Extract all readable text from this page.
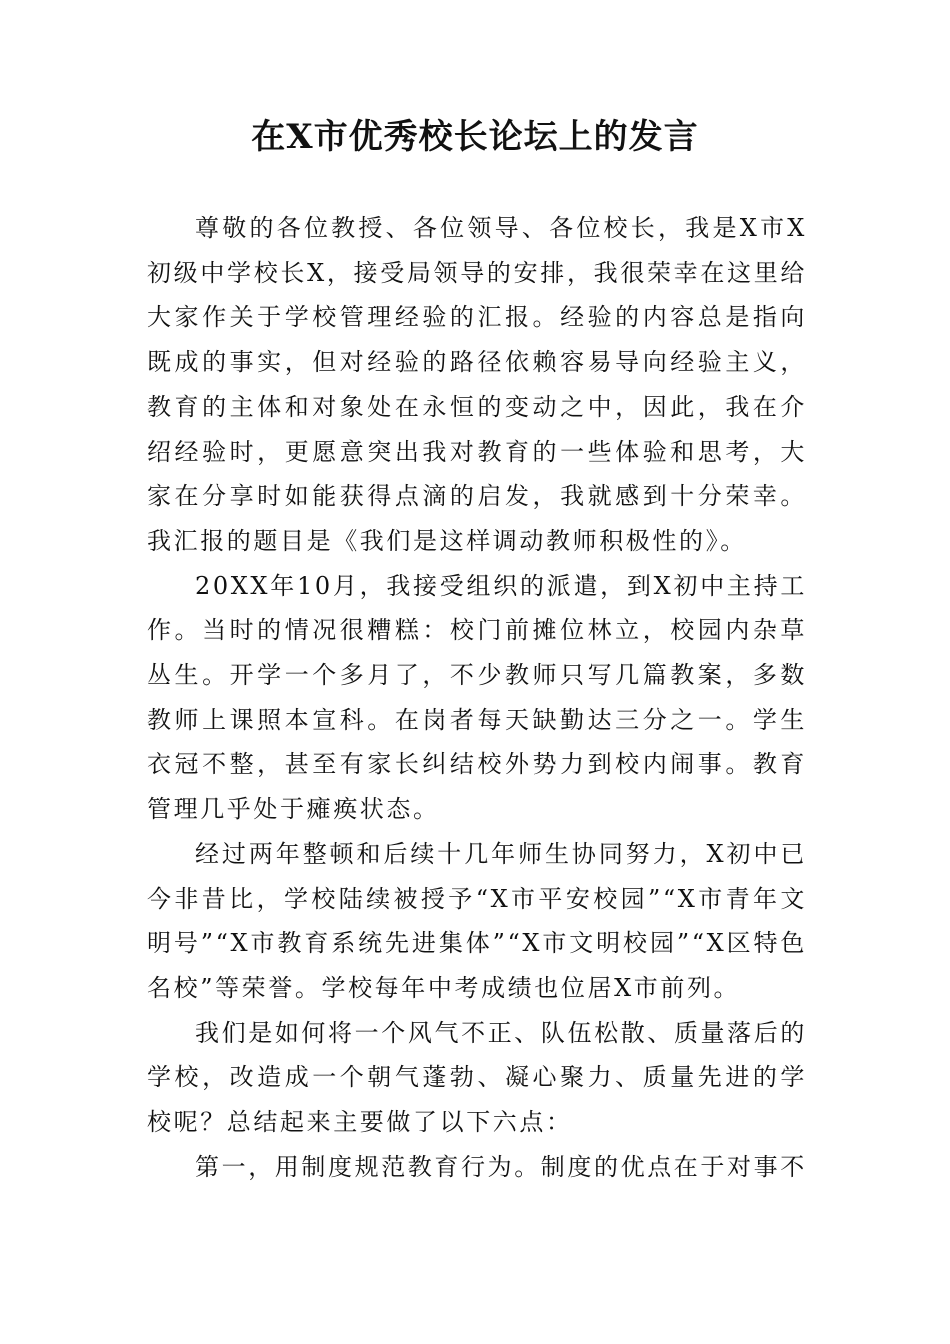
在X市优秀校长论坛上的发言

尊敬的各位教授、各位领导、各位校长，我是X市X初级中学校长X，接受局领导的安排，我很荣幸在这里给大家作关于学校管理经验的汇报。经验的内容总是指向既成的事实，但对经验的路径依赖容易导向经验主义，教育的主体和对象处在永恒的变动之中，因此，我在介绍经验时，更愿意突出我对教育的一些体验和思考，大家在分享时如能获得点滴的启发，我就感到十分荣幸。我汇报的题目是《我们是这样调动教师积极性的》。

20XX年10月，我接受组织的派遣，到X初中主持工作。当时的情况很糟糕：校门前摊位林立，校园内杂草丛生。开学一个多月了，不少教师只写几篇教案，多数教师上课照本宣科。在岗者每天缺勤达三分之一。学生衣冠不整，甚至有家长纠结校外势力到校内闹事。教育管理几乎处于瘫痪状态。

经过两年整顿和后续十几年师生协同努力，X初中已今非昔比，学校陆续被授予“X市平安校园”“X市青年文明号”“X市教育系统先进集体”“X市文明校园”“X区特色名校”等荣誉。学校每年中考成绩也位居X市前列。

我们是如何将一个风气不正、队伍松散、质量落后的学校，改造成一个朝气蓬勃、凝心聚力、质量先进的学校呢？总结起来主要做了以下六点：

第一，用制度规范教育行为。制度的优点在于对事不
